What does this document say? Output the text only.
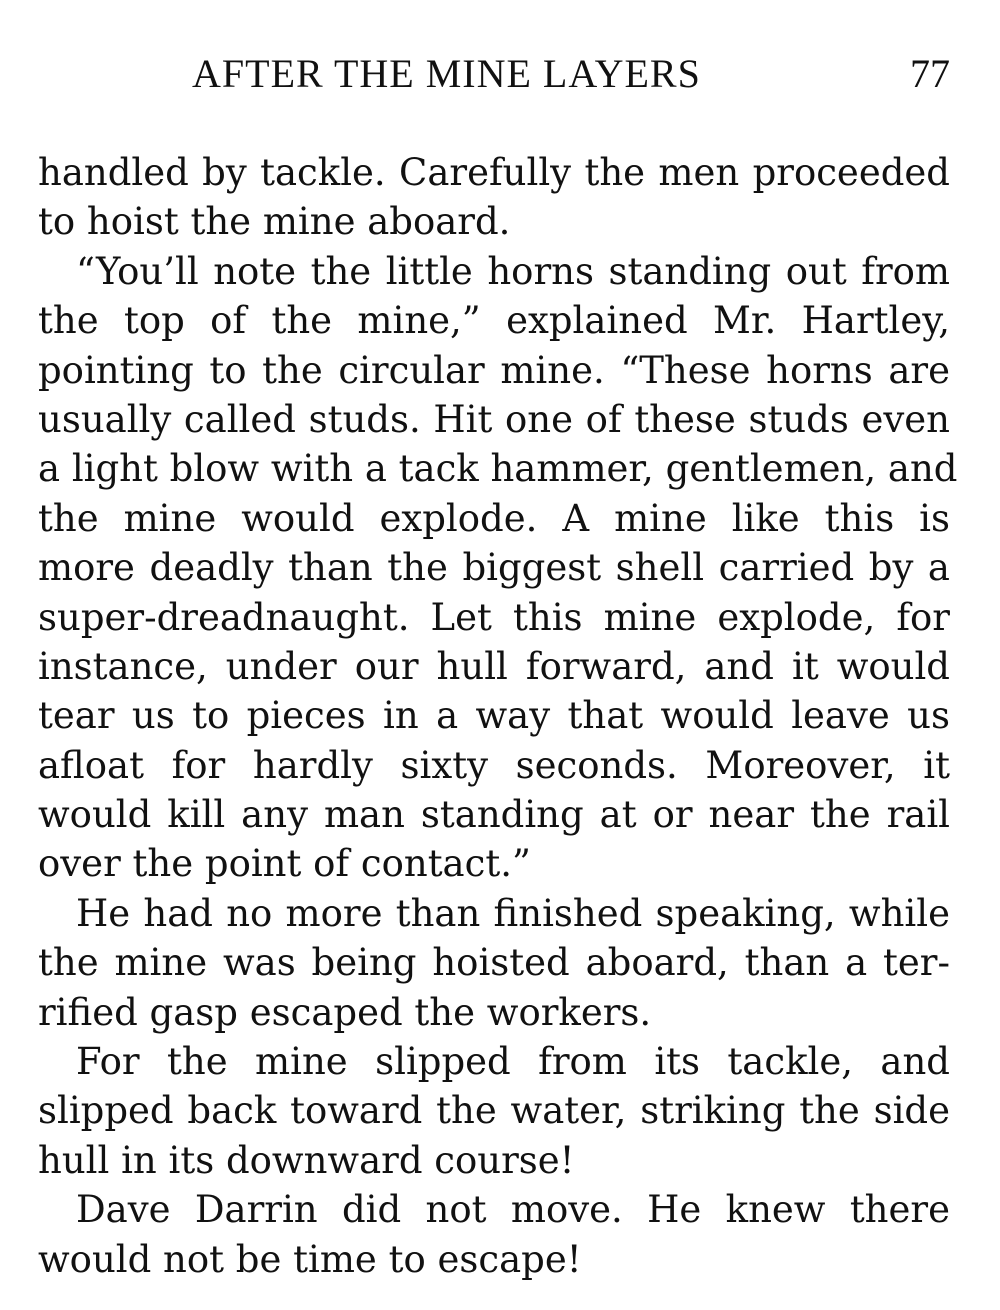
AFTER THE MINE LAYERS	77
handled by tackle. Carefully the men proceeded
to hoist the mine aboard.
“You’ll note the little horns standing out from
the top of the mine,” explained Mr. Hartley,
pointing to the circular mine. “These horns are
usually called studs. Hit one of these studs even
a light blow with a tack hammer, gentlemen, and
the mine would explode. A mine like this is
more deadly than the biggest shell carried by a
super-dreadnaught. Let this mine explode, for
instance, under our hull forward, and it would
tear us to pieces in a way that would leave us
afloat for hardly sixty seconds. Moreover, it
would kill any man standing at or near the rail
over the point of contact.”
He had no more than finished speaking, while
the mine was being hoisted aboard, than a ter-
rified gasp escaped the workers.
For the mine slipped from its tackle, and
slipped back toward the water, striking the side
hull in its downward course!
Dave Darrin did not move. He knew there
would not be time to escape!
